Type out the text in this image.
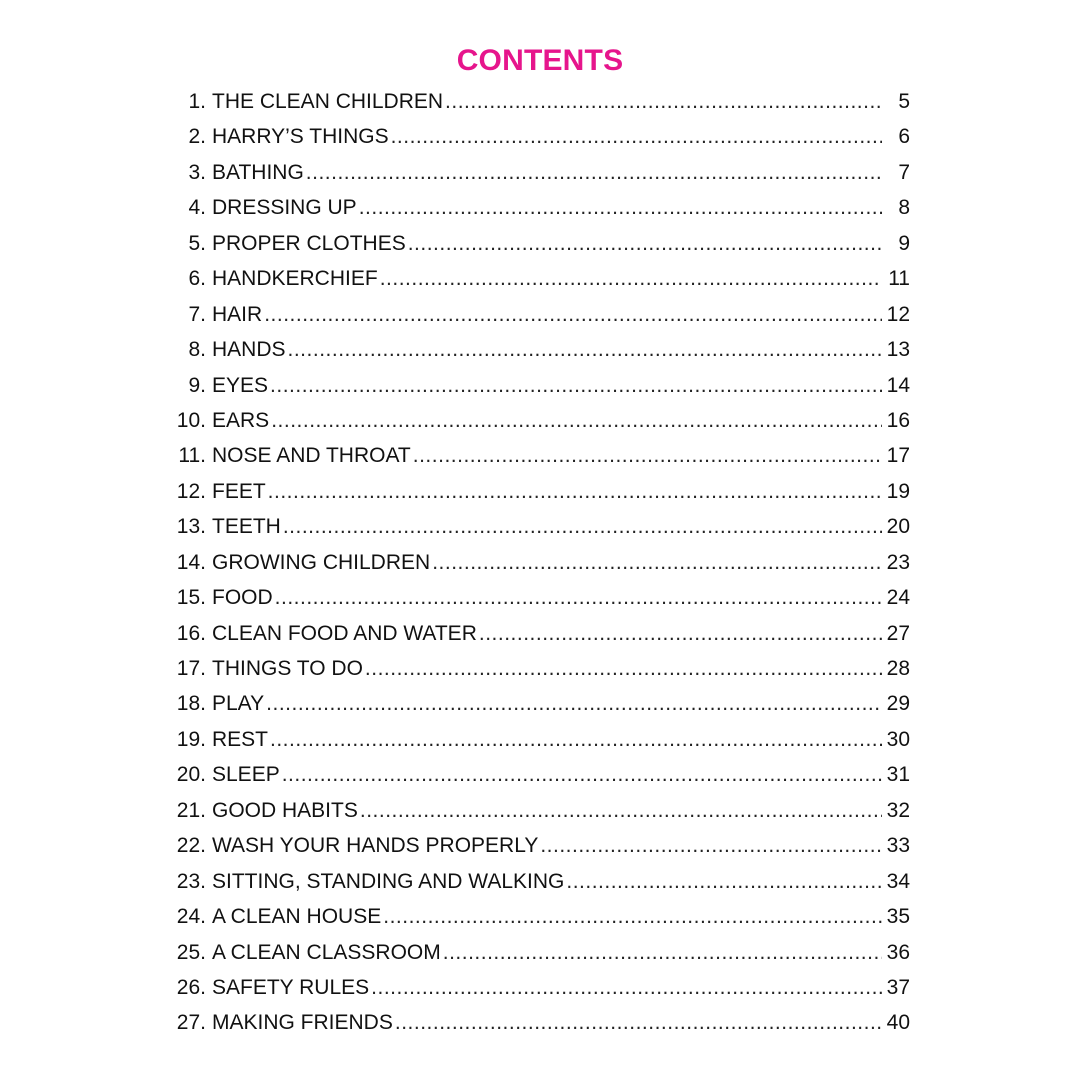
CONTENTS
1. THE CLEAN CHILDREN .....	5
2. HARRY’S THINGS .....	6
3. BATHING .....	7
4. DRESSING UP .....	8
5. PROPER CLOTHES .....	9
6. HANDKERCHIEF .....	11
7. HAIR .....	12
8. HANDS .....	13
9. EYES .....	14
10. EARS .....	16
11. NOSE AND THROAT .....	17
12. FEET .....	19
13. TEETH .....	20
14. GROWING CHILDREN .....	23
15. FOOD .....	24
16. CLEAN FOOD AND WATER .....	27
17. THINGS TO DO .....	28
18. PLAY .....	29
19. REST .....	30
20. SLEEP .....	31
21. GOOD HABITS .....	32
22. WASH YOUR HANDS PROPERLY .....	33
23. SITTING, STANDING AND WALKING .....	34
24. A CLEAN HOUSE .....	35
25. A CLEAN CLASSROOM .....	36
26. SAFETY RULES .....	37
27. MAKING FRIENDS .....	40
